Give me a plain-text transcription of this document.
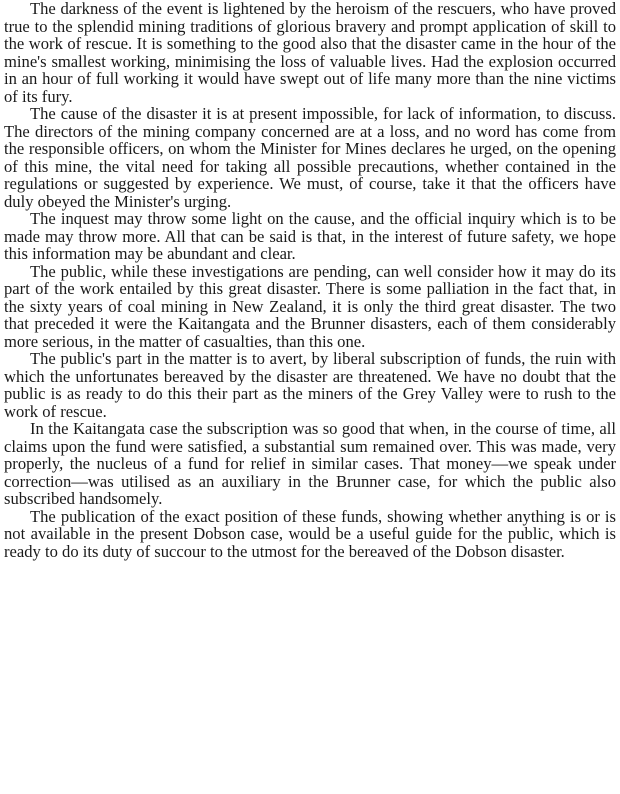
The darkness of the event is lightened by the heroism of the rescuers, who have proved true to the splendid mining traditions of glorious bravery and prompt application of skill to the work of rescue. It is something to the good also that the disaster came in the hour of the mine's smallest working, minimising the loss of valuable lives. Had the explosion occurred in an hour of full working it would have swept out of life many more than the nine victims of its fury.

The cause of the disaster it is at present impossible, for lack of information, to discuss. The directors of the mining company concerned are at a loss, and no word has come from the responsible officers, on whom the Minister for Mines declares he urged, on the opening of this mine, the vital need for taking all possible precautions, whether contained in the regulations or suggested by experience. We must, of course, take it that the officers have duly obeyed the Minister's urging.

The inquest may throw some light on the cause, and the official inquiry which is to be made may throw more. All that can be said is that, in the interest of future safety, we hope this information may be abundant and clear.

The public, while these investigations are pending, can well consider how it may do its part of the work entailed by this great disaster. There is some palliation in the fact that, in the sixty years of coal mining in New Zealand, it is only the third great disaster. The two that preceded it were the Kaitangata and the Brunner disasters, each of them considerably more serious, in the matter of casualties, than this one.

The public's part in the matter is to avert, by liberal subscription of funds, the ruin with which the unfortunates bereaved by the disaster are threatened. We have no doubt that the public is as ready to do this their part as the miners of the Grey Valley were to rush to the work of rescue.

In the Kaitangata case the subscription was so good that when, in the course of time, all claims upon the fund were satisfied, a substantial sum remained over. This was made, very properly, the nucleus of a fund for relief in similar cases. That money—we speak under correction—was utilised as an auxiliary in the Brunner case, for which the public also subscribed handsomely.

The publication of the exact position of these funds, showing whether anything is or is not available in the present Dobson case, would be a useful guide for the public, which is ready to do its duty of succour to the utmost for the bereaved of the Dobson disaster.
